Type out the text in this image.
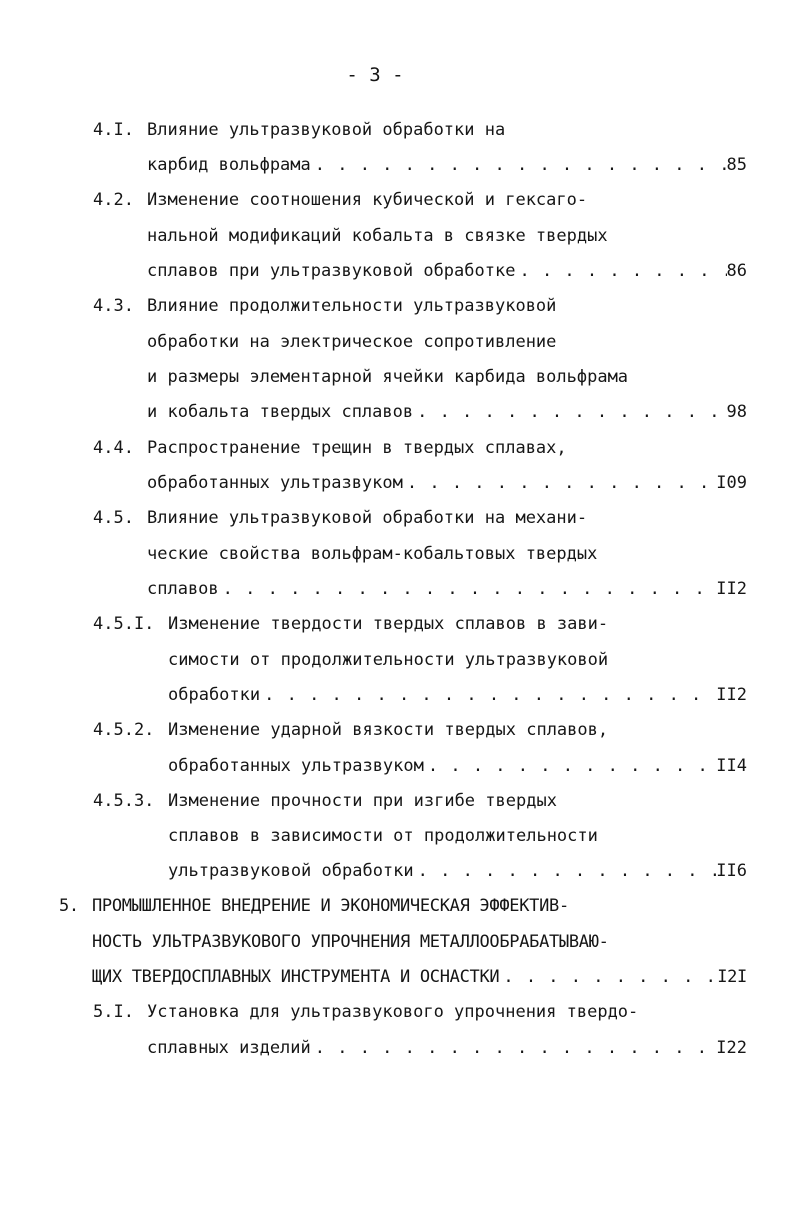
- 3 -
4.I. Влияние ультразвуковой обработки на
карбид вольфрама . . .	85
4.2. Изменение соотношения кубической и гексаго-
нальной модификаций кобальта в связке твердых
сплавов при ультразвуковой обработке . . .	86
4.3. Влияние продолжительности ультразвуковой
обработки на электрическое сопротивление
и размеры элементарной ячейки карбида вольфрама
и кобальта твердых сплавов . . .	98
4.4. Распространение трещин в твердых сплавах,
обработанных ультразвуком . . .	I09
4.5. Влияние ультразвуковой обработки на механи-
ческие свойства вольфрам-кобальтовых твердых
сплавов . . .	II2
4.5.I. Изменение твердости твердых сплавов в зави-
симости от продолжительности ультразвуковой
обработки . . .	II2
4.5.2. Изменение ударной вязкости твердых сплавов,
обработанных ультразвуком . . .	II4
4.5.3. Изменение прочности при изгибе твердых
сплавов в зависимости от продолжительности
ультразвуковой обработки . . .	II6
5. ПРОМЫШЛЕННОЕ ВНЕДРЕНИЕ И ЭКОНОМИЧЕСКАЯ ЭФФЕКТИВ-
НОСТЬ УЛЬТРАЗВУКОВОГО УПРОЧНЕНИЯ МЕТАЛЛООБРАБАТЫВАЮ-
ЩИХ ТВЕРДОСПЛАВНЫХ ИНСТРУМЕНТА И ОСНАСТКИ . . .	I2I
5.I. Установка для ультразвукового упрочнения твердо-
сплавных изделий . . .	I22
